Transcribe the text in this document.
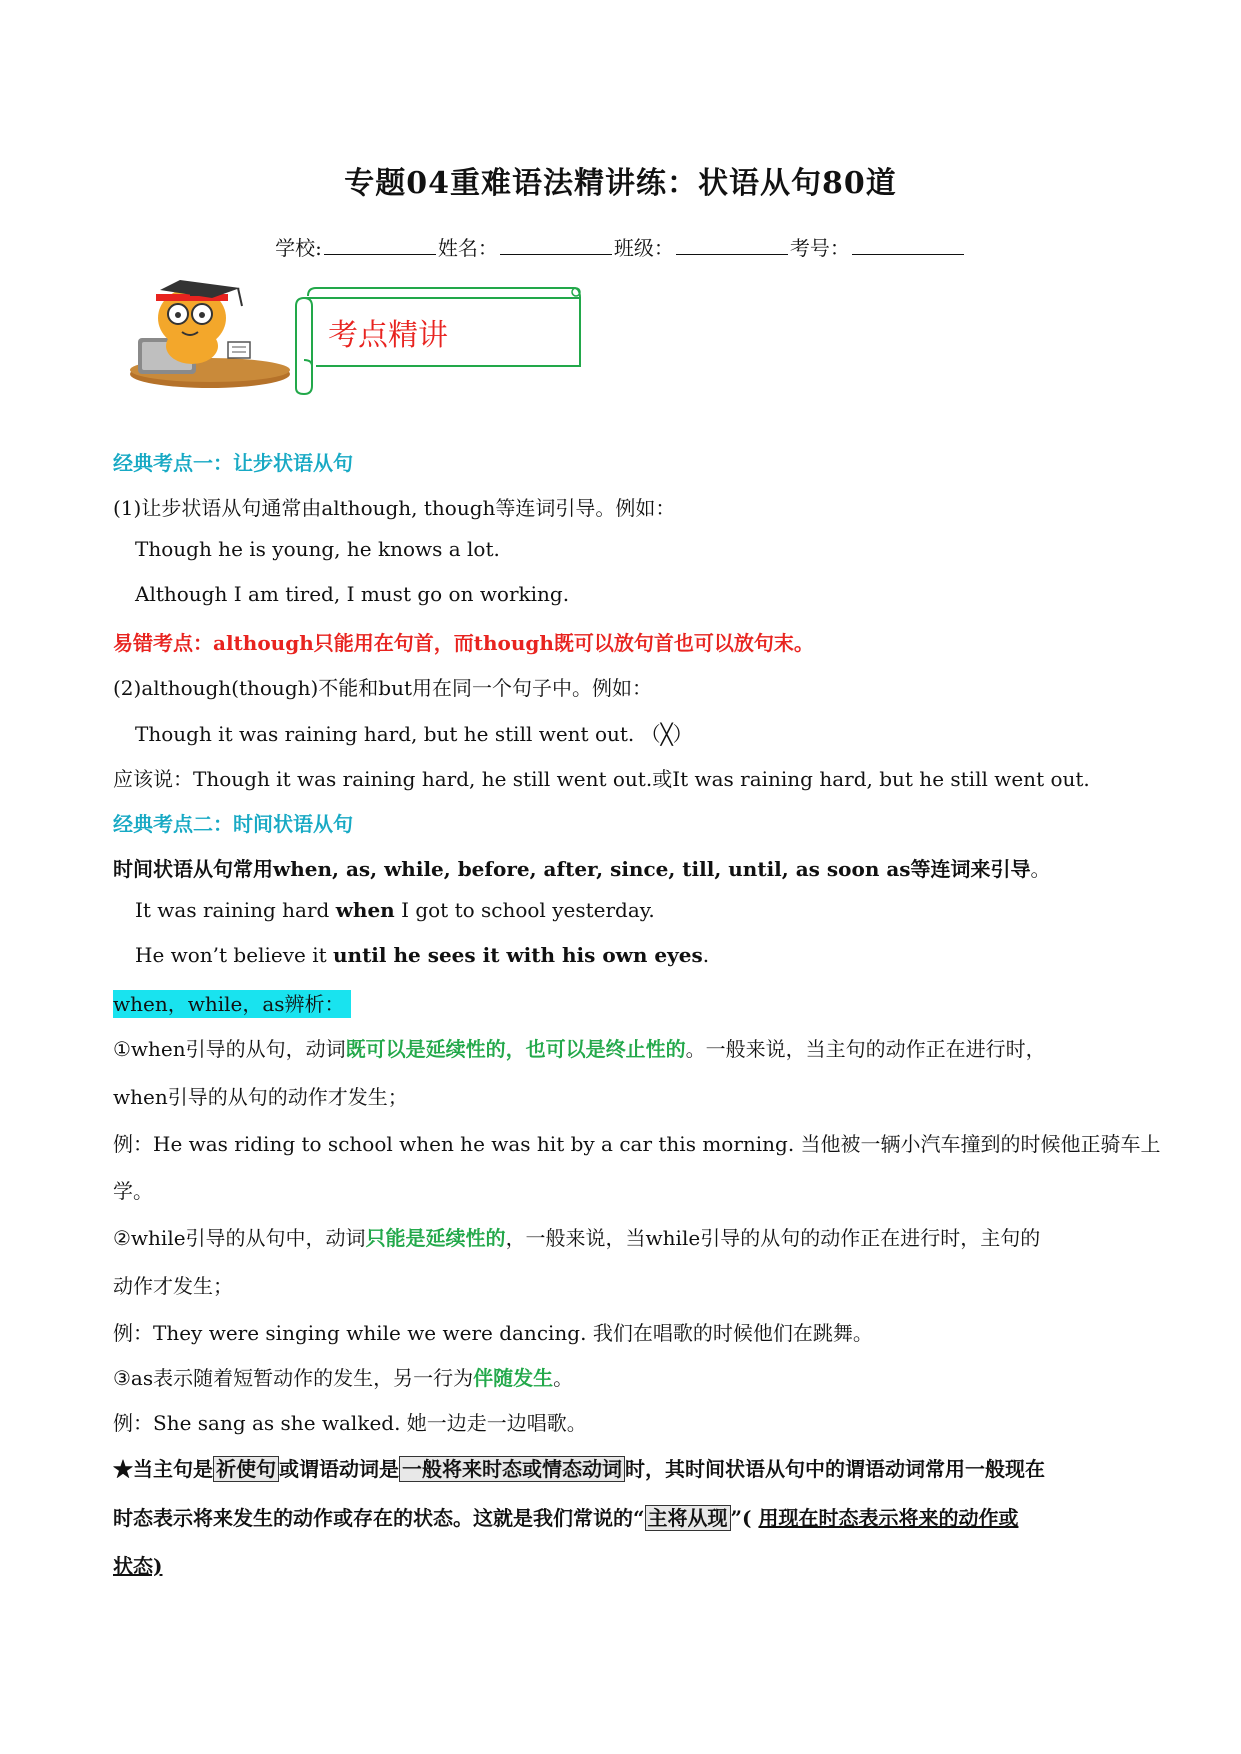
专题04重难语法精讲练：状语从句80道
学校:	姓名：	班级：	考号：
考点精讲
经典考点一：让步状语从句
(1)让步状语从句通常由although, though等连词引导。例如：
Though he is young, he knows a lot.
Although I am tired, I must go on working.
易错考点：although只能用在句首，而though既可以放句首也可以放句末。
(2)although(though)不能和but用在同一个句子中。例如：
Though it was raining hard, but he still went out. （╳）
应该说：Though it was raining hard, he still went out.或It was raining hard, but he still went out.
经典考点二：时间状语从句
时间状语从句常用when, as, while, before, after, since, till, until, as soon as等连词来引导。
It was raining hard when I got to school yesterday.
He won’t believe it until he sees it with his own eyes.
when，while，as辨析：
①when引导的从句，动词既可以是延续性的，也可以是终止性的。一般来说，当主句的动作正在进行时，
when引导的从句的动作才发生；
例：He was riding to school when he was hit by a car this morning. 当他被一辆小汽车撞到的时候他正骑车上
学。
②while引导的从句中，动词只能是延续性的，一般来说，当while引导的从句的动作正在进行时，主句的
动作才发生；
例：They were singing while we were dancing. 我们在唱歌的时候他们在跳舞。
③as表示随着短暂动作的发生，另一行为伴随发生。
例：She sang as she walked. 她一边走一边唱歌。
★当主句是 祈使句 或谓语动词是 一般将来时态或情态动词 时，其时间状语从句中的谓语动词常用一般现在
时态表示将来发生的动作或存在的状态。这就是我们常说的“ 主将从现 ”( 用现在时态表示将来的动作或
状态)
